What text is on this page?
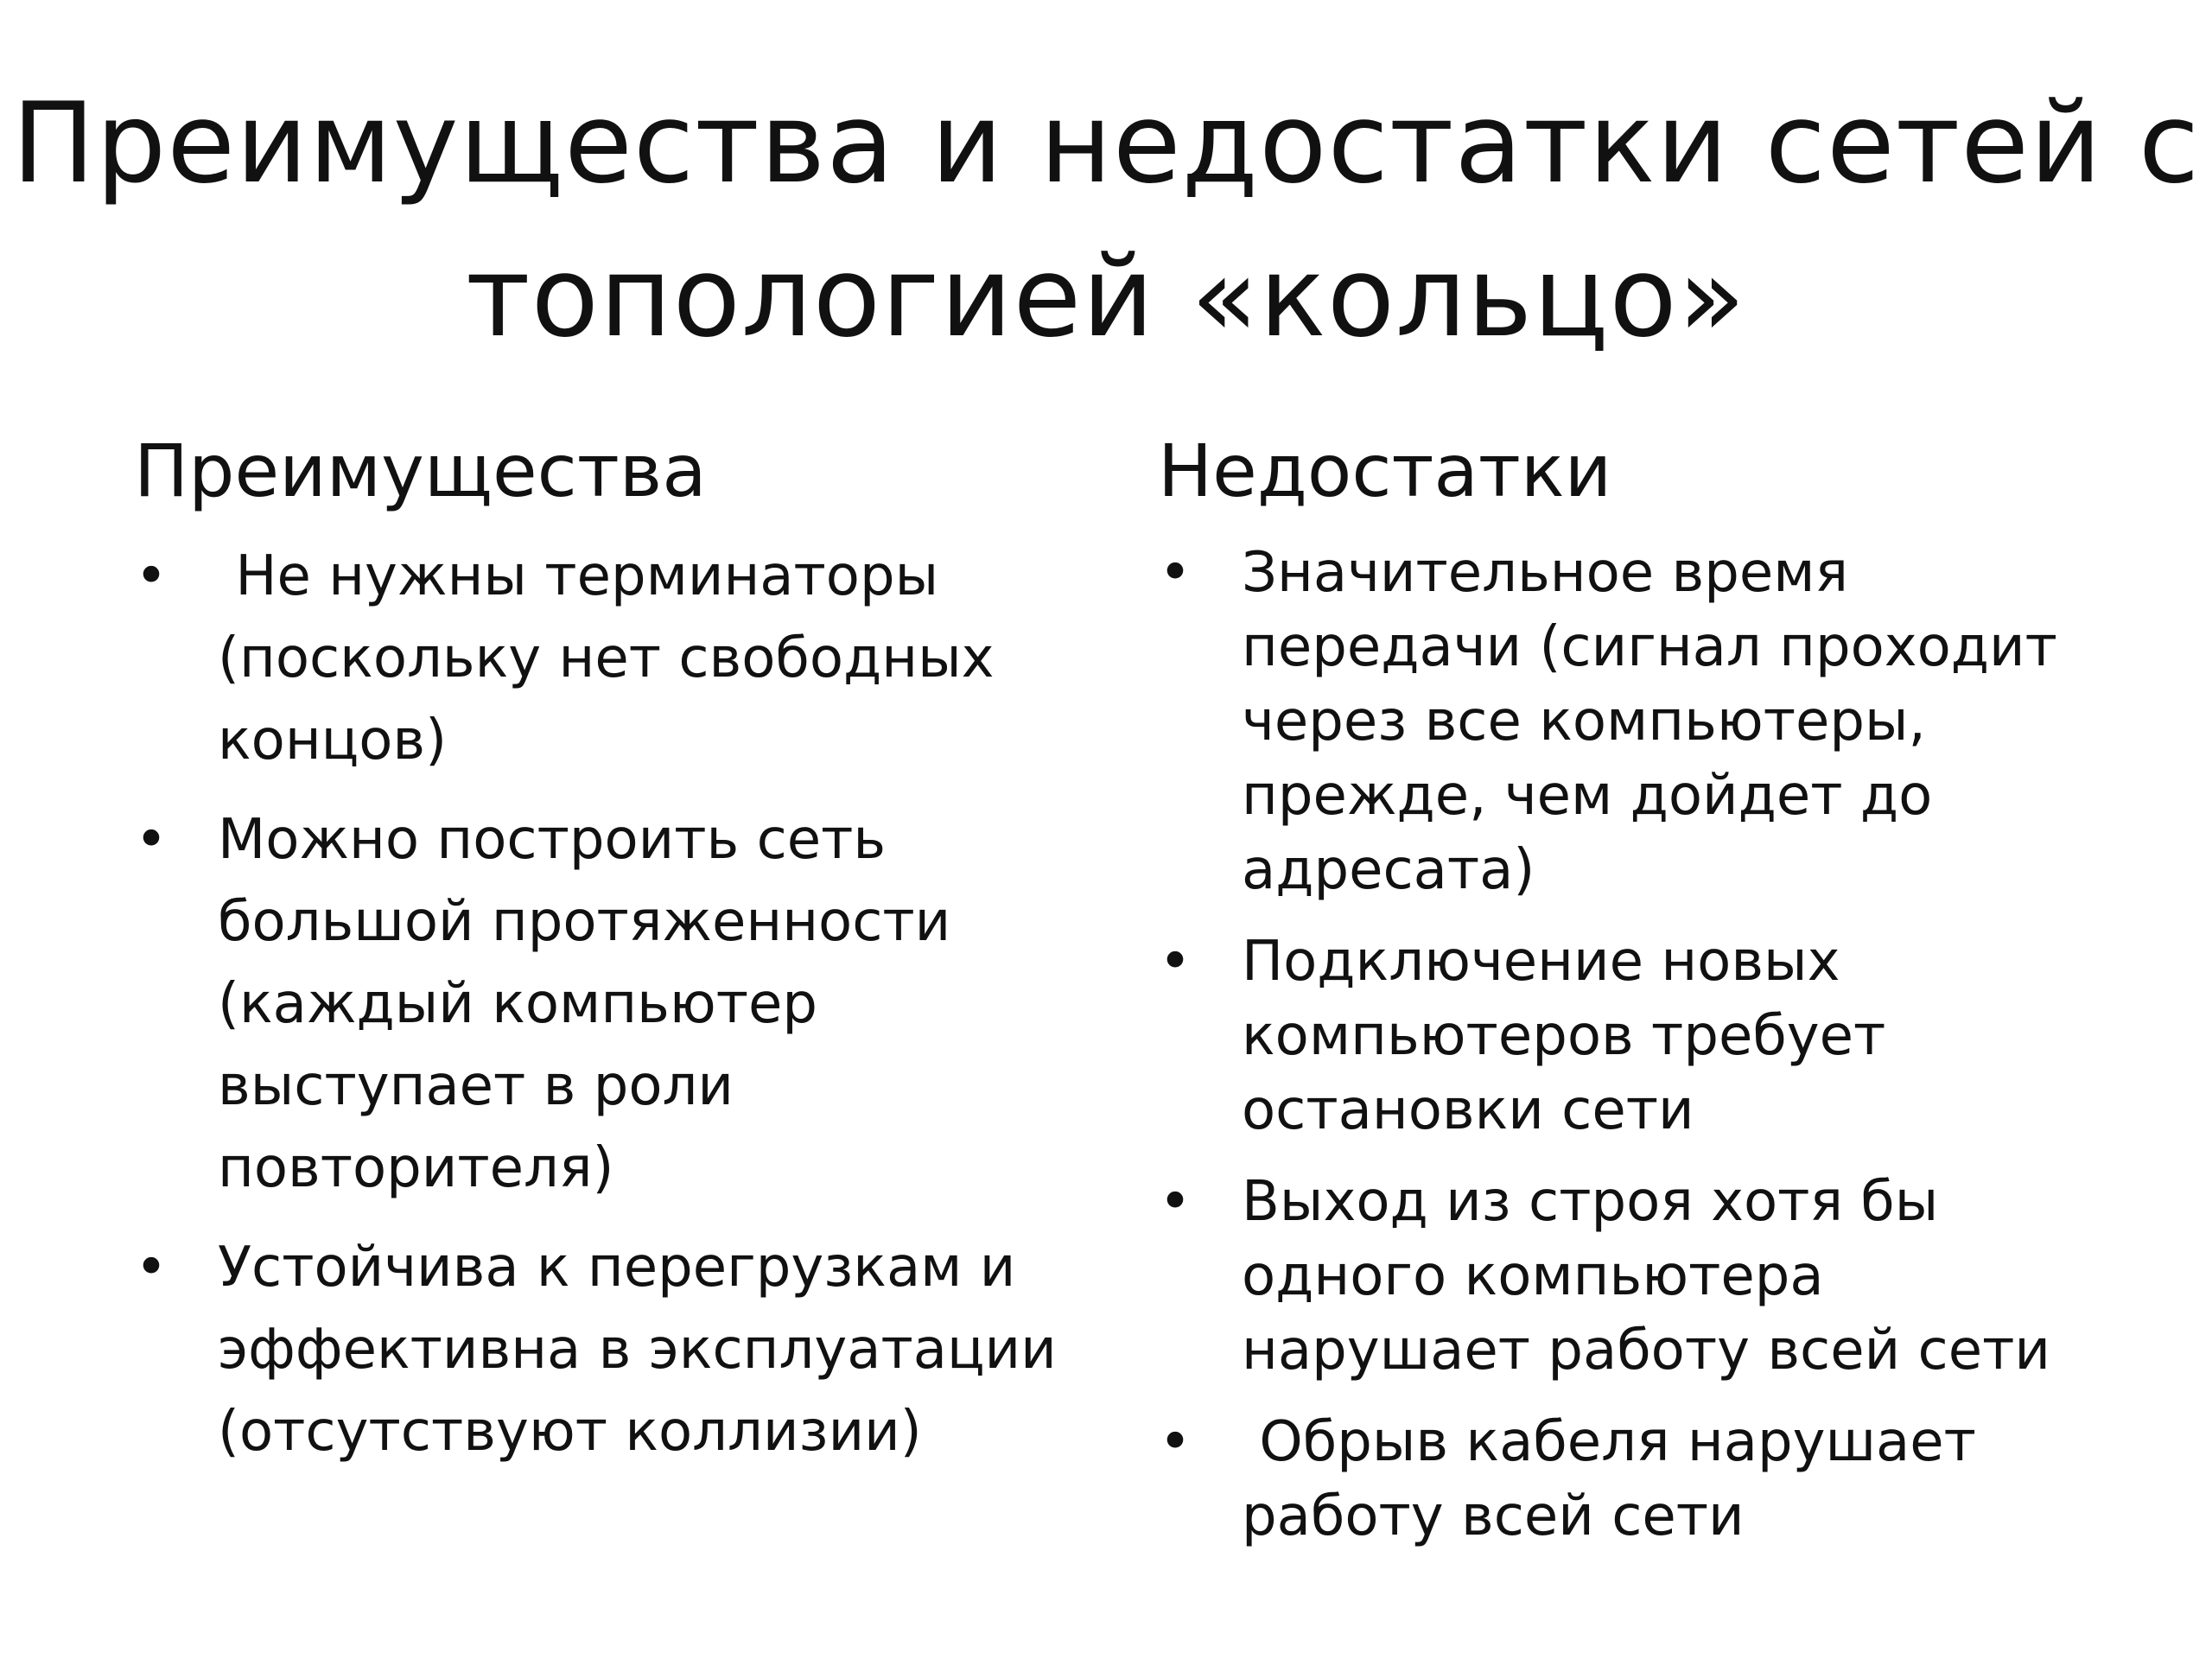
Преимущества и недостатки сетей с
топологией «кольцо»
Преимущества
• Не нужны терминаторы (поскольку нет свободных концов)
• Можно построить сеть большой протяженности (каждый компьютер выступает в роли повторителя)
• Устойчива к перегрузкам и эффективна в эксплуатации (отсутствуют коллизии)
Недостатки
• Значительное время передачи (сигнал проходит через все компьютеры, прежде, чем дойдет до адресата)
• Подключение новых компьютеров требует остановки сети
• Выход из строя хотя бы одного компьютера нарушает работу всей сети
• Обрыв кабеля нарушает работу всей сети
